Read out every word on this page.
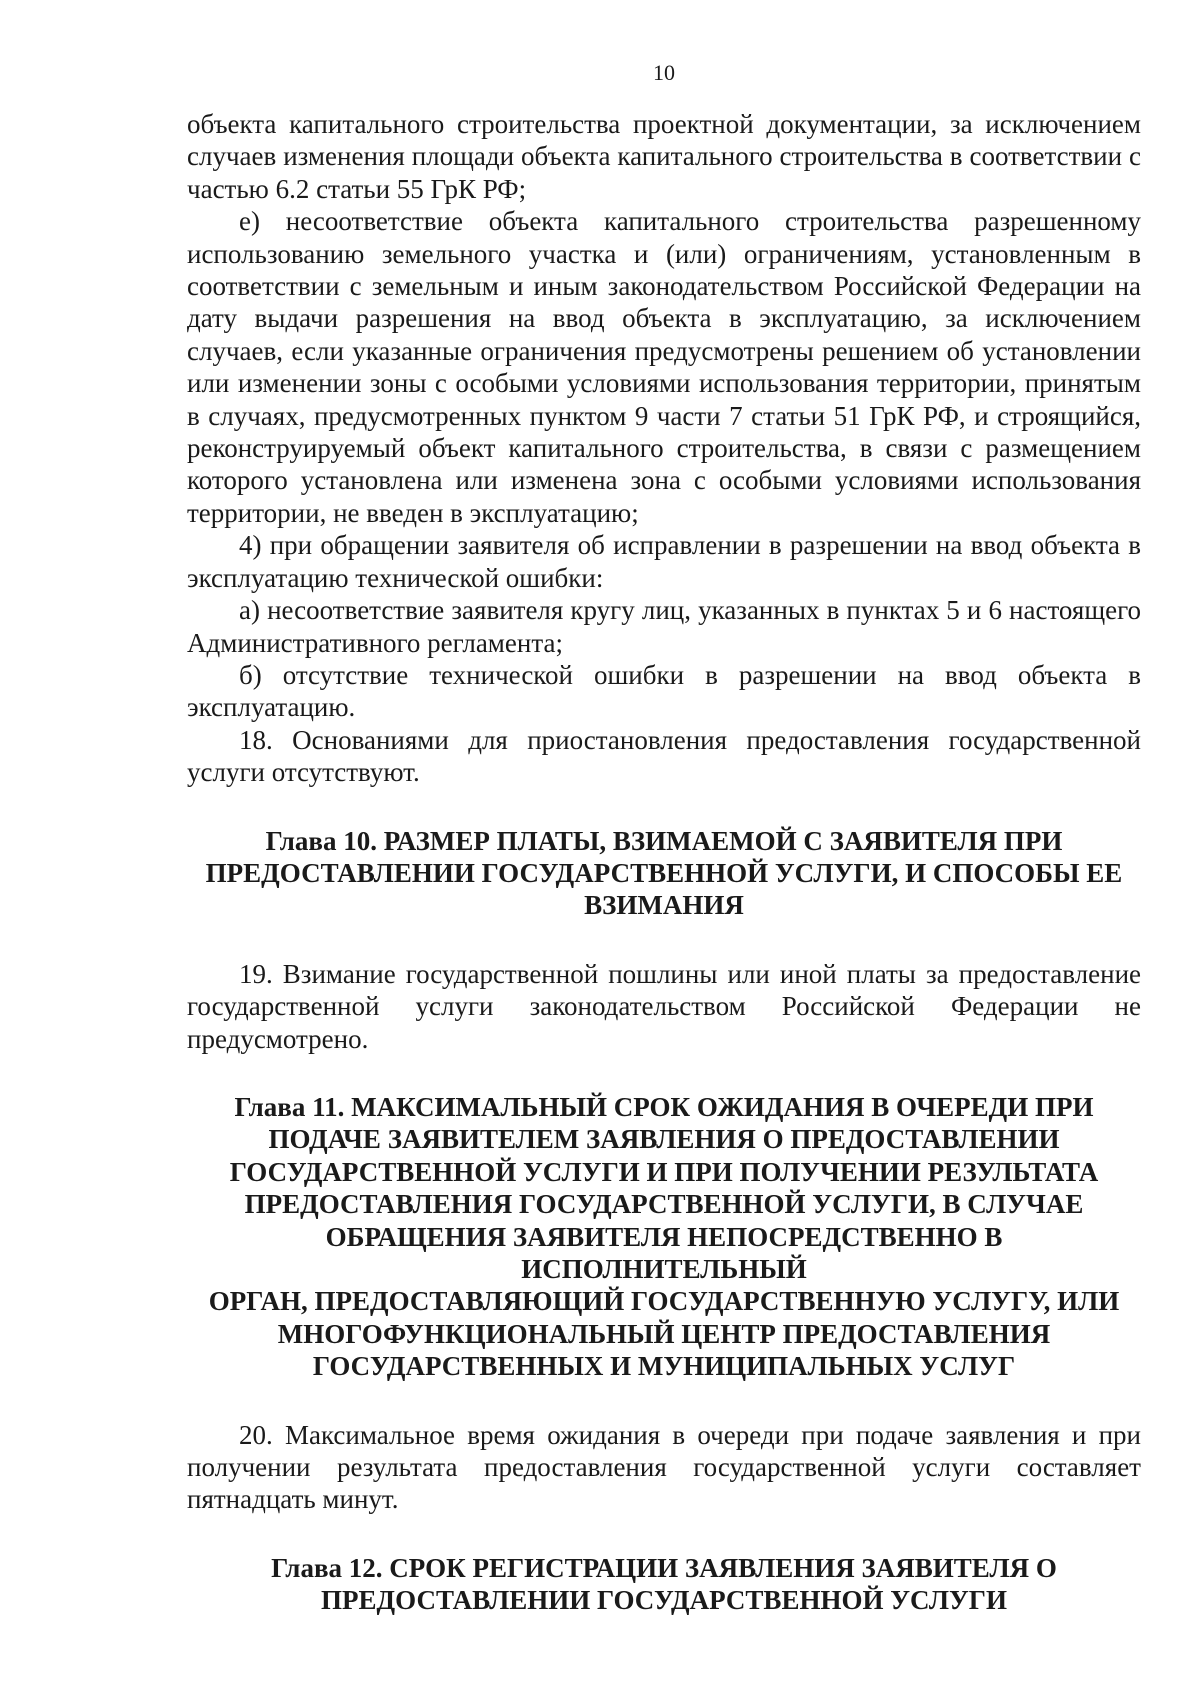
10

объекта капитального строительства проектной документации, за исключением случаев изменения площади объекта капитального строительства в соответствии с частью 6.2 статьи 55 ГрК РФ;

е) несоответствие объекта капитального строительства разрешенному использованию земельного участка и (или) ограничениям, установленным в соответствии с земельным и иным законодательством Российской Федерации на дату выдачи разрешения на ввод объекта в эксплуатацию, за исключением случаев, если указанные ограничения предусмотрены решением об установлении или изменении зоны с особыми условиями использования территории, принятым в случаях, предусмотренных пунктом 9 части 7 статьи 51 ГрК РФ, и строящийся, реконструируемый объект капитального строительства, в связи с размещением которого установлена или изменена зона с особыми условиями использования территории, не введен в эксплуатацию;

4) при обращении заявителя об исправлении в разрешении на ввод объекта в эксплуатацию технической ошибки:

а) несоответствие заявителя кругу лиц, указанных в пунктах 5 и 6 настоящего Административного регламента;

б) отсутствие технической ошибки в разрешении на ввод объекта в эксплуатацию.

18. Основаниями для приостановления предоставления государственной услуги отсутствуют.

Глава 10. РАЗМЕР ПЛАТЫ, ВЗИМАЕМОЙ С ЗАЯВИТЕЛЯ ПРИ
ПРЕДОСТАВЛЕНИИ ГОСУДАРСТВЕННОЙ УСЛУГИ, И СПОСОБЫ ЕЕ
ВЗИМАНИЯ

19. Взимание государственной пошлины или иной платы за предоставление государственной услуги законодательством Российской Федерации не предусмотрено.

Глава 11. МАКСИМАЛЬНЫЙ СРОК ОЖИДАНИЯ В ОЧЕРЕДИ ПРИ
ПОДАЧЕ ЗАЯВИТЕЛЕМ ЗАЯВЛЕНИЯ О ПРЕДОСТАВЛЕНИИ
ГОСУДАРСТВЕННОЙ УСЛУГИ И ПРИ ПОЛУЧЕНИИ РЕЗУЛЬТАТА
ПРЕДОСТАВЛЕНИЯ ГОСУДАРСТВЕННОЙ УСЛУГИ, В СЛУЧАЕ
ОБРАЩЕНИЯ ЗАЯВИТЕЛЯ НЕПОСРЕДСТВЕННО В ИСПОЛНИТЕЛЬНЫЙ
ОРГАН, ПРЕДОСТАВЛЯЮЩИЙ ГОСУДАРСТВЕННУЮ УСЛУГУ, ИЛИ
МНОГОФУНКЦИОНАЛЬНЫЙ ЦЕНТР ПРЕДОСТАВЛЕНИЯ
ГОСУДАРСТВЕННЫХ И МУНИЦИПАЛЬНЫХ УСЛУГ

20. Максимальное время ожидания в очереди при подаче заявления и при получении результата предоставления государственной услуги составляет пятнадцать минут.

Глава 12. СРОК РЕГИСТРАЦИИ ЗАЯВЛЕНИЯ ЗАЯВИТЕЛЯ О
ПРЕДОСТАВЛЕНИИ ГОСУДАРСТВЕННОЙ УСЛУГИ
